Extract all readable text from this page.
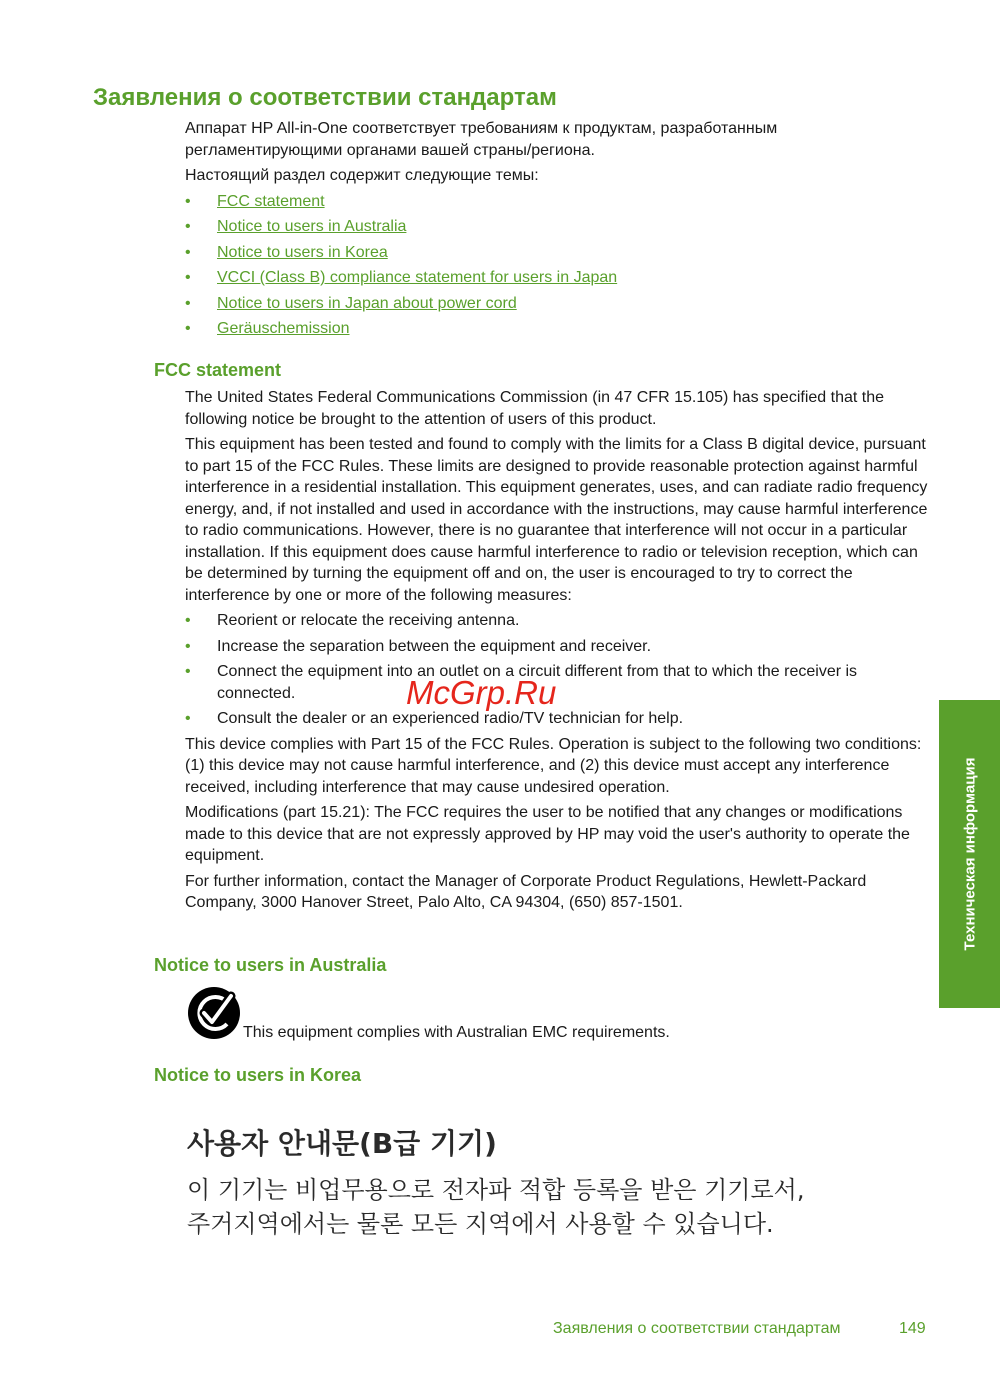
Заявления о соответствии стандартам

Аппарат HP All-in-One соответствует требованиям к продуктам, разработанным регламентирующими органами вашей страны/региона.

Настоящий раздел содержит следующие темы:

• FCC statement
• Notice to users in Australia
• Notice to users in Korea
• VCCI (Class B) compliance statement for users in Japan
• Notice to users in Japan about power cord
• Geräuschemission
FCC statement

The United States Federal Communications Commission (in 47 CFR 15.105) has specified that the following notice be brought to the attention of users of this product.

This equipment has been tested and found to comply with the limits for a Class B digital device, pursuant to part 15 of the FCC Rules. These limits are designed to provide reasonable protection against harmful interference in a residential installation. This equipment generates, uses, and can radiate radio frequency energy, and, if not installed and used in accordance with the instructions, may cause harmful interference to radio communications. However, there is no guarantee that interference will not occur in a particular installation. If this equipment does cause harmful interference to radio or television reception, which can be determined by turning the equipment off and on, the user is encouraged to try to correct the interference by one or more of the following measures:

• Reorient or relocate the receiving antenna.
• Increase the separation between the equipment and receiver.
• Connect the equipment into an outlet on a circuit different from that to which the receiver is connected.
• Consult the dealer or an experienced radio/TV technician for help.

This device complies with Part 15 of the FCC Rules. Operation is subject to the following two conditions: (1) this device may not cause harmful interference, and (2) this device must accept any interference received, including interference that may cause undesired operation.

Modifications (part 15.21): The FCC requires the user to be notified that any changes or modifications made to this device that are not expressly approved by HP may void the user's authority to operate the equipment.

For further information, contact the Manager of Corporate Product Regulations, Hewlett-Packard Company, 3000 Hanover Street, Palo Alto, CA 94304, (650) 857-1501.

Notice to users in Australia
This equipment complies with Australian EMC requirements.
Notice to users in Korea
사용자 안내문(B급 기기)
이 기기는 비업무용으로 전자파 적합 등록을 받은 기기로서,
주거지역에서는 물론 모든 지역에서 사용할 수 있습니다.
Техническая информация
McGrp.Ru
Заявления о соответствии стандартам	149
